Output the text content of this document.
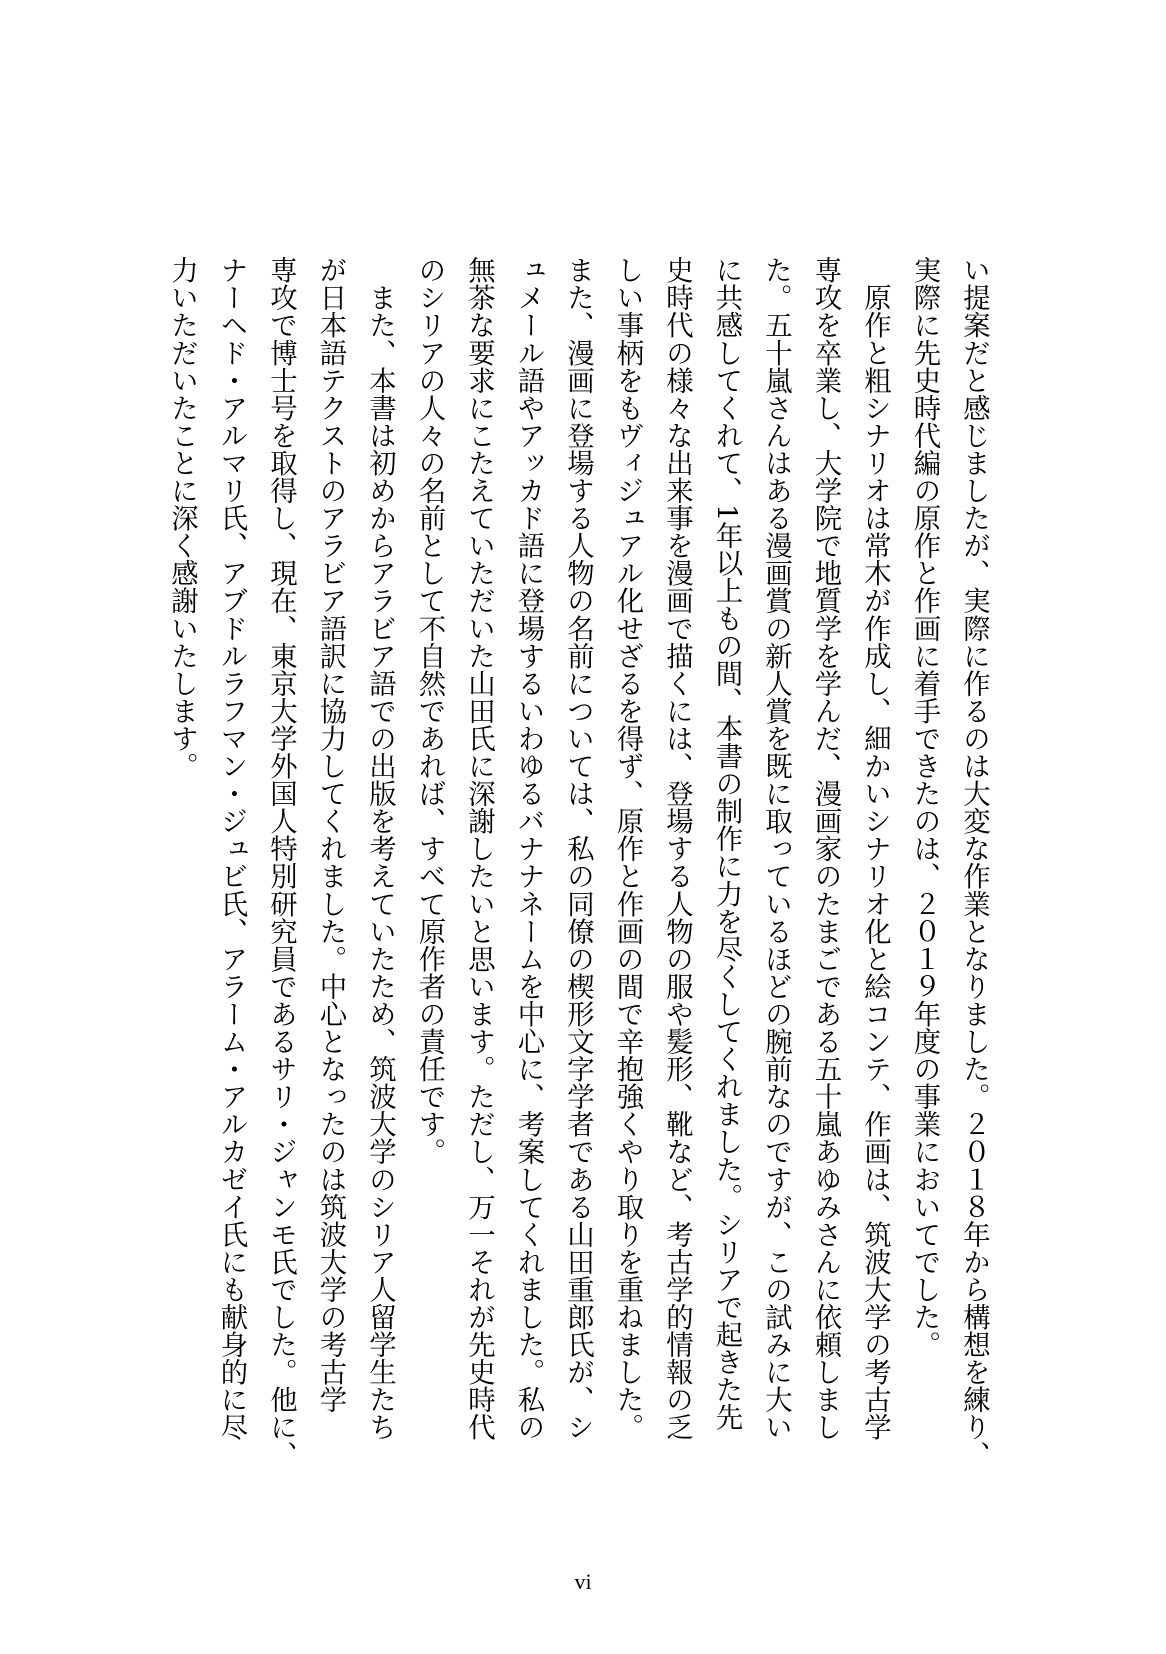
い提案だと感じましたが、実際に作るのは大変な作業となりました。２０１８年から構想を練り、
実際に先史時代編の原作と作画に着手できたのは、２０１９年度の事業においてでした。
　原作と粗シナリオは常木が作成し、細かいシナリオ化と絵コンテ、作画は、筑波大学の考古学
専攻を卒業し、大学院で地質学を学んだ、漫画家のたまごである五十嵐あゆみさんに依頼しまし
た。五十嵐さんはある漫画賞の新人賞を既に取っているほどの腕前なのですが、この試みに大い
に共感してくれて、1年以上もの間、本書の制作に力を尽くしてくれました。シリアで起きた先
史時代の様々な出来事を漫画で描くには、登場する人物の服や髪形、靴など、考古学的情報の乏
しい事柄をもヴィジュアル化せざるを得ず、原作と作画の間で辛抱強くやり取りを重ねました。
また、漫画に登場する人物の名前については、私の同僚の楔形文字学者である山田重郎氏が、シ
ュメール語やアッカド語に登場するいわゆるバナナネームを中心に、考案してくれました。私の
無茶な要求にこたえていただいた山田氏に深謝したいと思います。ただし、万一それが先史時代
のシリアの人々の名前として不自然であれば、すべて原作者の責任です。
　また、本書は初めからアラビア語での出版を考えていたため、筑波大学のシリア人留学生たち
が日本語テクストのアラビア語訳に協力してくれました。中心となったのは筑波大学の考古学
専攻で博士号を取得し、現在、東京大学外国人特別研究員であるサリ・ジャンモ氏でした。他に、
ナーヘド・アルマリ氏、アブドルラフマン・ジュビ氏、アラーム・アルカゼイ氏にも献身的に尽
力いただいたことに深く感謝いたします。
vi
